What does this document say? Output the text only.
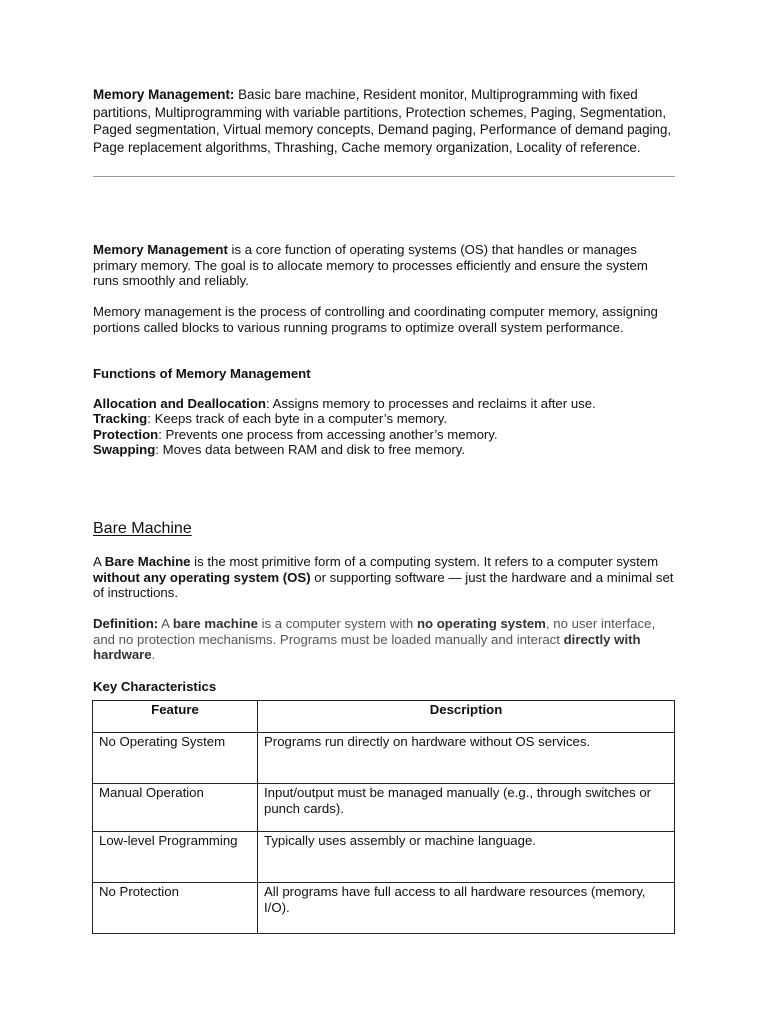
Memory Management: Basic bare machine, Resident monitor, Multiprogramming with fixed partitions, Multiprogramming with variable partitions, Protection schemes, Paging, Segmentation, Paged segmentation, Virtual memory concepts, Demand paging, Performance of demand paging, Page replacement algorithms, Thrashing, Cache memory organization, Locality of reference.
Memory Management is a core function of operating systems (OS) that handles or manages primary memory. The goal is to allocate memory to processes efficiently and ensure the system runs smoothly and reliably.
Memory management is the process of controlling and coordinating computer memory, assigning portions called blocks to various running programs to optimize overall system performance.
Functions of Memory Management
Allocation and Deallocation: Assigns memory to processes and reclaims it after use.
Tracking: Keeps track of each byte in a computer’s memory.
Protection: Prevents one process from accessing another’s memory.
Swapping: Moves data between RAM and disk to free memory.
Bare Machine
A Bare Machine is the most primitive form of a computing system. It refers to a computer system without any operating system (OS) or supporting software — just the hardware and a minimal set of instructions.
Definition: A bare machine is a computer system with no operating system, no user interface, and no protection mechanisms. Programs must be loaded manually and interact directly with hardware.
Key Characteristics
Feature	Description
No Operating System	Programs run directly on hardware without OS services.
Manual Operation	Input/output must be managed manually (e.g., through switches or punch cards).
Low-level Programming	Typically uses assembly or machine language.
No Protection	All programs have full access to all hardware resources (memory, I/O).
